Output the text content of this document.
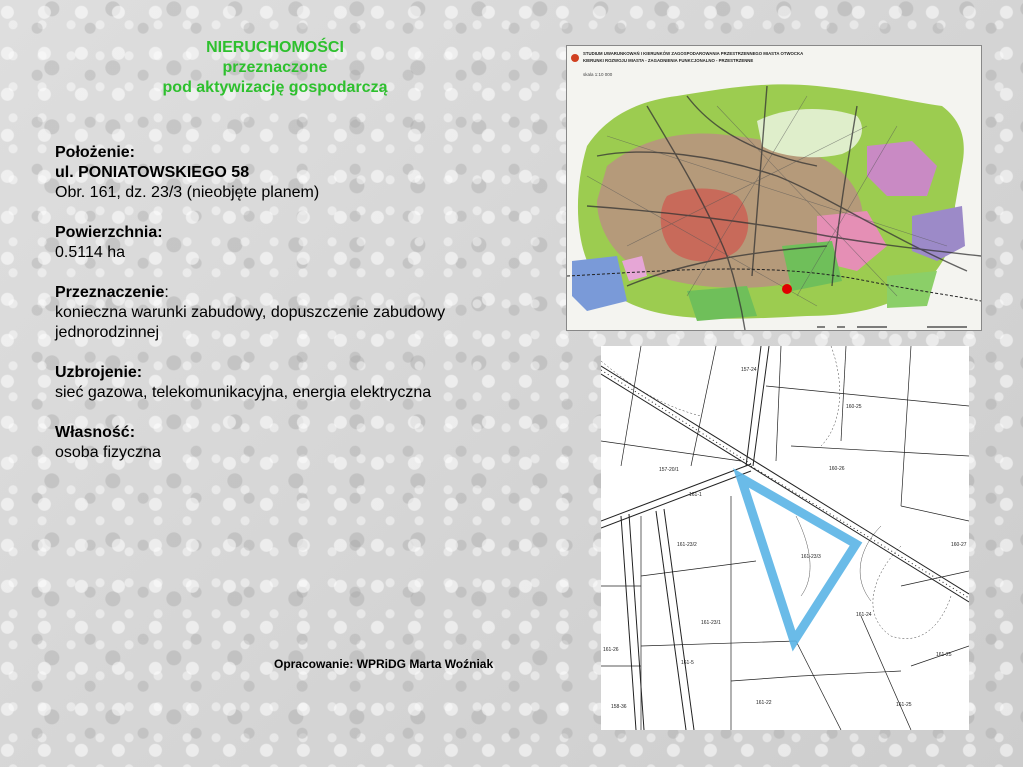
NIERUCHOMOŚCI
przeznaczone
pod aktywizację gospodarczą
Położenie:
ul. PONIATOWSKIEGO 58
Obr. 161, dz. 23/3 (nieobjęte planem)
Powierzchnia:
0.5114 ha
Przeznaczenie:
konieczna warunki zabudowy, dopuszczenie zabudowy jednorodzinnej
Uzbrojenie:
sieć gazowa, telekomunikacyjna, energia elektryczna
Własność:
osoba fizyczna
Opracowanie: WPRiDG Marta Woźniak
STUDIUM UWARUNKOWAŃ I KIERUNKÓW ZAGOSPODAROWANIA PRZESTRZENNEGO MIASTA OTWOCKA
KIERUNKI ROZWOJU MIASTA - ZAGADNIENIA FUNKCJONALNO - PRZESTRZENNE
skala 1:10 000
157-24
160-25
157-20/1	160-26
161-1
161-23/2
161-23/3
160-27
161-23/1
161-24
161-25
161-22
161-5
158-36
161-26
161-25
